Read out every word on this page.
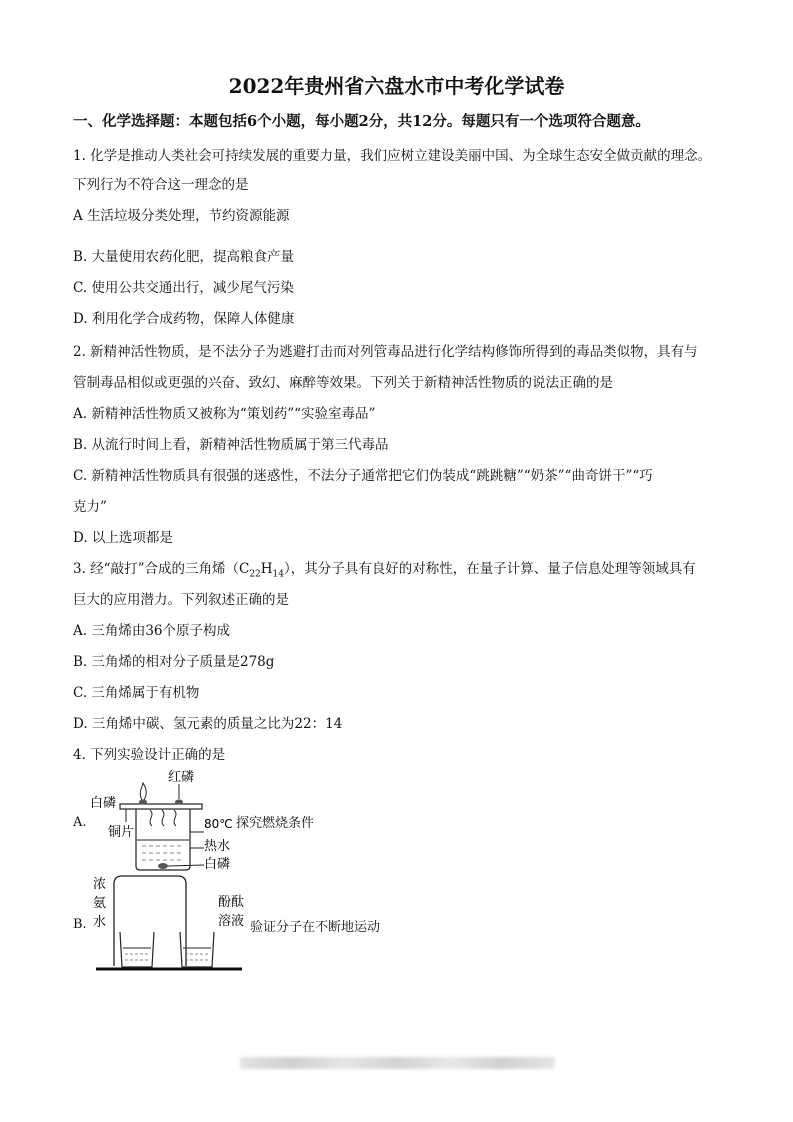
2022年贵州省六盘水市中考化学试卷
一、化学选择题：本题包括6个小题，每小题2分，共12分。每题只有一个选项符合题意。
1. 化学是推动人类社会可持续发展的重要力量，我们应树立建设美丽中国、为全球生态安全做贡献的理念。
下列行为不符合这一理念的是
A 生活垃圾分类处理，节约资源能源
B. 大量使用农药化肥，提高粮食产量
C. 使用公共交通出行，减少尾气污染
D. 利用化学合成药物，保障人体健康
2. 新精神活性物质，是不法分子为逃避打击而对列管毒品进行化学结构修饰所得到的毒品类似物，具有与
管制毒品相似或更强的兴奋、致幻、麻醉等效果。下列关于新精神活性物质的说法正确的是
A. 新精神活性物质又被称为“策划药”“实验室毒品”
B. 从流行时间上看，新精神活性物质属于第三代毒品
C. 新精神活性物质具有很强的迷惑性，不法分子通常把它们伪装成“跳跳糖”“奶茶”“曲奇饼干”“巧
克力”
D. 以上选项都是
3. 经“敲打”合成的三角烯$(C_{22}H_{14})$，其分子具有良好的对称性，在量子计算、量子信息处理等领域具有
巨大的应用潜力。下列叙述正确的是
A. 三角烯由36个原子构成
B. 三角烯的相对分子质量是278g
C. 三角烯属于有机物
D. 三角烯中碳、氢元素的质量之比为22：14
4. 下列实验设计正确的是
A.
红磷
白磷
铜片
80℃
热水
白磷
探究燃烧条件
B.
浓
氨
水
酚酞
溶液 验证分子在不断地运动
